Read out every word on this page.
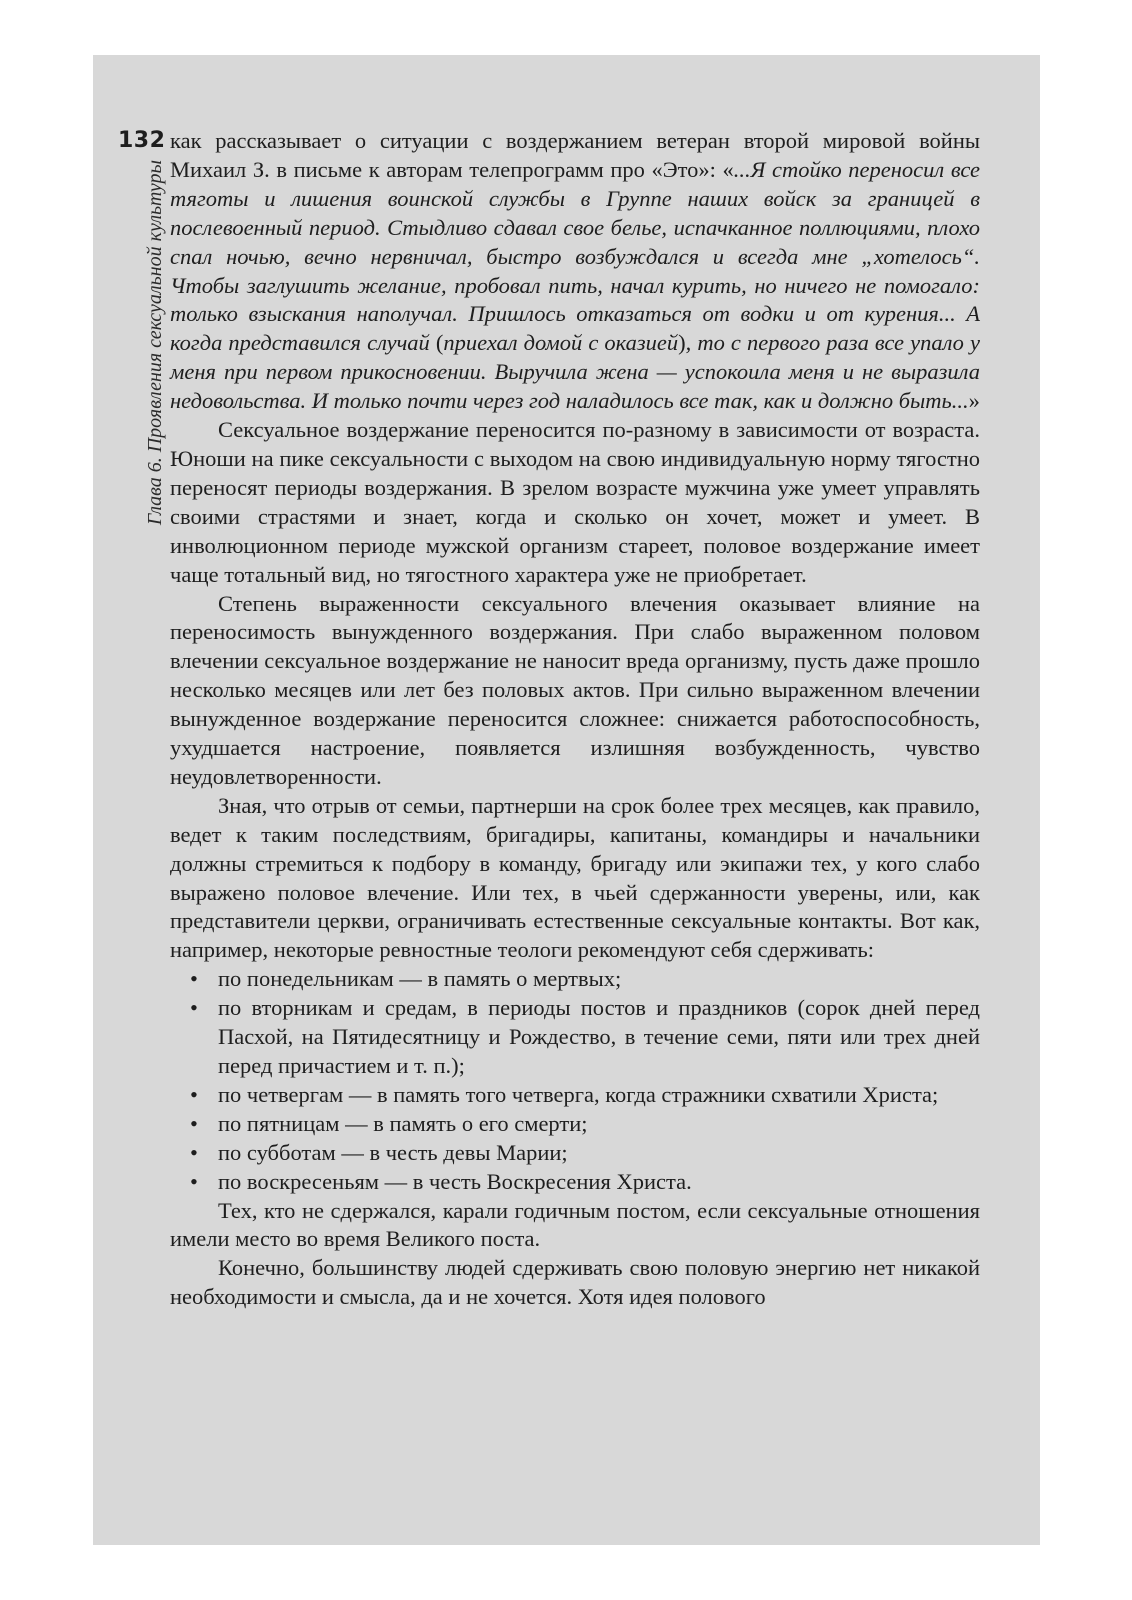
132
Глава 6. Проявления сексуальной культуры

как рассказывает о ситуации с воздержанием ветеран второй мировой войны Михаил З. в письме к авторам телепрограмм про «Это»: «...Я стойко переносил все тяготы и лишения воинской службы в Группе наших войск за границей в послевоенный период. Стыдливо сдавал свое белье, испачканное поллюциями, плохо спал ночью, вечно нервничал, быстро возбуждался и всегда мне „хотелось“. Чтобы заглушить желание, пробовал пить, начал курить, но ничего не помогало: только взыскания наполучал. Пришлось отказаться от водки и от курения... А когда представился случай (приехал домой с оказией), то с первого раза все упало у меня при первом прикосновении. Выручила жена — успокоила меня и не выразила недовольства. И только почти через год наладилось все так, как и должно быть...»

Сексуальное воздержание переносится по-разному в зависимости от возраста. Юноши на пике сексуальности с выходом на свою индивидуальную норму тягостно переносят периоды воздержания. В зрелом возрасте мужчина уже умеет управлять своими страстями и знает, когда и сколько он хочет, может и умеет. В инволюционном периоде мужской организм стареет, половое воздержание имеет чаще тотальный вид, но тягостного характера уже не приобретает.

Степень выраженности сексуального влечения оказывает влияние на переносимость вынужденного воздержания. При слабо выраженном половом влечении сексуальное воздержание не наносит вреда организму, пусть даже прошло несколько месяцев или лет без половых актов. При сильно выраженном влечении вынужденное воздержание переносится сложнее: снижается работоспособность, ухудшается настроение, появляется излишняя возбужденность, чувство неудовлетворенности.

Зная, что отрыв от семьи, партнерши на срок более трех месяцев, как правило, ведет к таким последствиям, бригадиры, капитаны, командиры и начальники должны стремиться к подбору в команду, бригаду или экипажи тех, у кого слабо выражено половое влечение. Или тех, в чьей сдержанности уверены, или, как представители церкви, ограничивать естественные сексуальные контакты. Вот как, например, некоторые ревностные теологи рекомендуют себя сдерживать:

• по понедельникам — в память о мертвых;
• по вторникам и средам, в периоды постов и праздников (сорок дней перед Пасхой, на Пятидесятницу и Рождество, в течение семи, пяти или трех дней перед причастием и т. п.);
• по четвергам — в память того четверга, когда стражники схватили Христа;
• по пятницам — в память о его смерти;
• по субботам — в честь девы Марии;
• по воскресеньям — в честь Воскресения Христа.

Тех, кто не сдержался, карали годичным постом, если сексуальные отношения имели место во время Великого поста.

Конечно, большинству людей сдерживать свою половую энергию нет никакой необходимости и смысла, да и не хочется. Хотя идея полового
